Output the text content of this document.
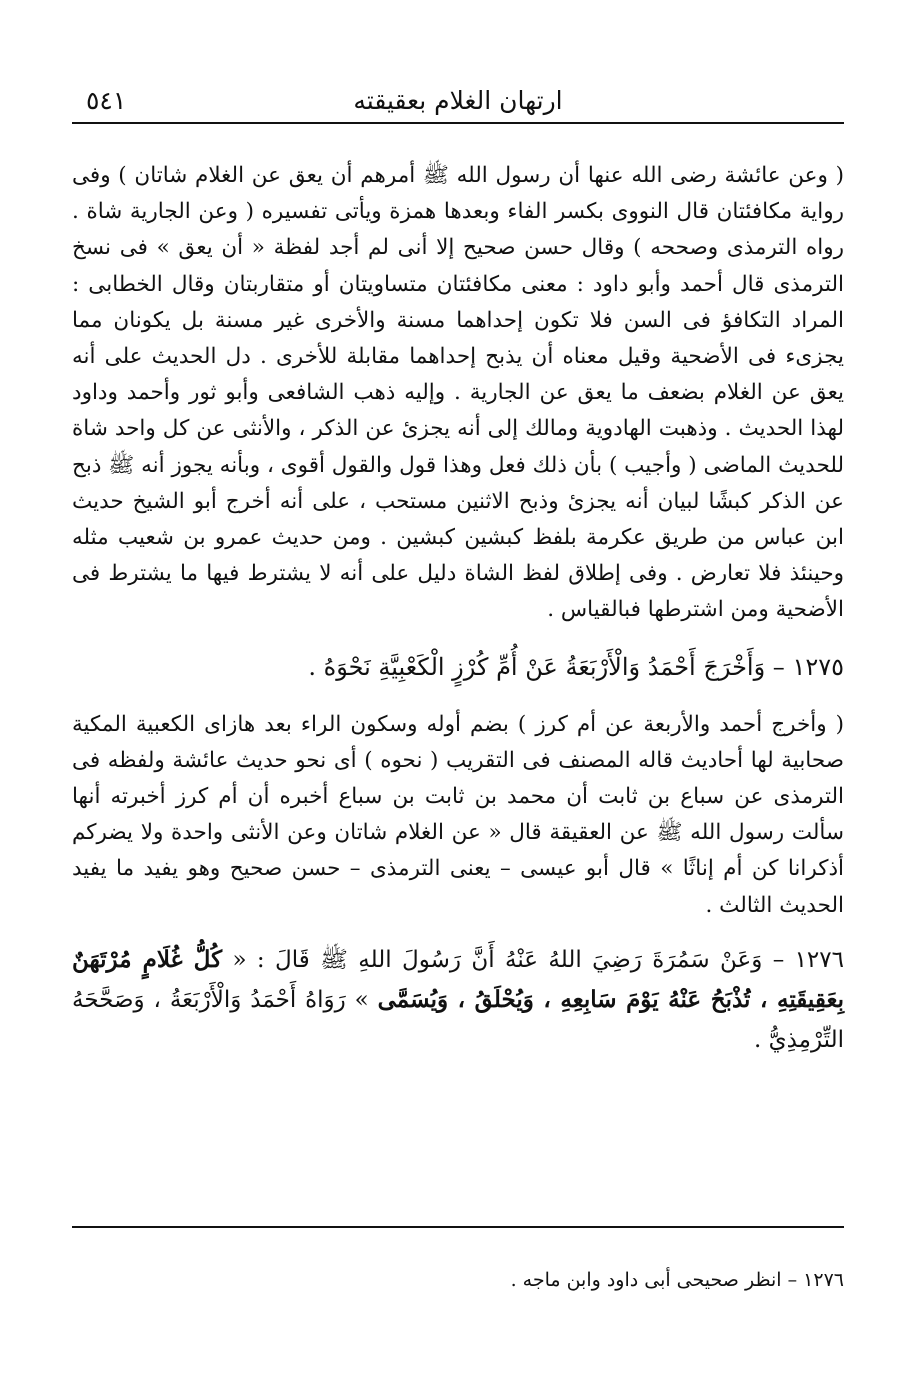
ارتهان الغلام بعقيقته
٥٤١

( وعن عائشة رضى الله عنها أن رسول الله ﷺ أمرهم أن يعق عن الغلام شاتان ) وفى رواية مكافئتان قال النووى بكسر الفاء وبعدها همزة ويأتى تفسيره ( وعن الجارية شاة . رواه الترمذى وصححه ) وقال حسن صحيح إلا أنى لم أجد لفظة « أن يعق » فى نسخ الترمذى قال أحمد وأبو داود : معنى مكافئتان متساويتان أو متقاربتان وقال الخطابى : المراد التكافؤ فى السن فلا تكون إحداهما مسنة والأخرى غير مسنة بل يكونان مما يجزىء فى الأضحية وقيل معناه أن يذبح إحداهما مقابلة للأخرى . دل الحديث على أنه يعق عن الغلام بضعف ما يعق عن الجارية . وإليه ذهب الشافعى وأبو ثور وأحمد وداود لهذا الحديث . وذهبت الهادوية ومالك إلى أنه يجزئ عن الذكر ، والأنثى عن كل واحد شاة للحديث الماضى ( وأجيب ) بأن ذلك فعل وهذا قول والقول أقوى ، وبأنه يجوز أنه ﷺ ذبح عن الذكر كبشًا لبيان أنه يجزئ وذبح الاثنين مستحب ، على أنه أخرج أبو الشيخ حديث ابن عباس من طريق عكرمة بلفظ كبشين كبشين . ومن حديث عمرو بن شعيب مثله وحينئذ فلا تعارض . وفى إطلاق لفظ الشاة دليل على أنه لا يشترط فيها ما يشترط فى الأضحية ومن اشترطها فبالقياس .

١٢٧٥ – وَأَخْرَجَ أَحْمَدُ وَالْأَرْبَعَةُ عَنْ أُمِّ كُرْزٍ الْكَعْبِيَّةِ نَحْوَهُ .

( وأخرج أحمد والأربعة عن أم كرز ) بضم أوله وسكون الراء بعد هازاى الكعبية المكية صحابية لها أحاديث قاله المصنف فى التقريب ( نحوه ) أى نحو حديث عائشة ولفظه فى الترمذى عن سباع بن ثابت أن محمد بن ثابت بن سباع أخبره أن أم كرز أخبرته أنها سألت رسول الله ﷺ عن العقيقة قال « عن الغلام شاتان وعن الأنثى واحدة ولا يضركم أذكرانا كن أم إناثًا » قال أبو عيسى – يعنى الترمذى – حسن صحيح وهو يفيد ما يفيد الحديث الثالث .

١٢٧٦ – وَعَنْ سَمُرَةَ رَضِيَ اللهُ عَنْهُ أَنَّ رَسُولَ اللهِ ﷺ قَالَ : « كُلُّ غُلَامٍ مُرْتَهَنٌ بِعَقِيقَتِهِ ، تُذْبَحُ عَنْهُ يَوْمَ سَابِعِهِ ، وَيُحْلَقُ ، وَيُسَمَّى » رَوَاهُ أَحْمَدُ وَالْأَرْبَعَةُ ، وَصَحَّحَهُ التِّرْمِذِيُّ .

١٢٧٦ – انظر صحيحى أبى داود وابن ماجه .
